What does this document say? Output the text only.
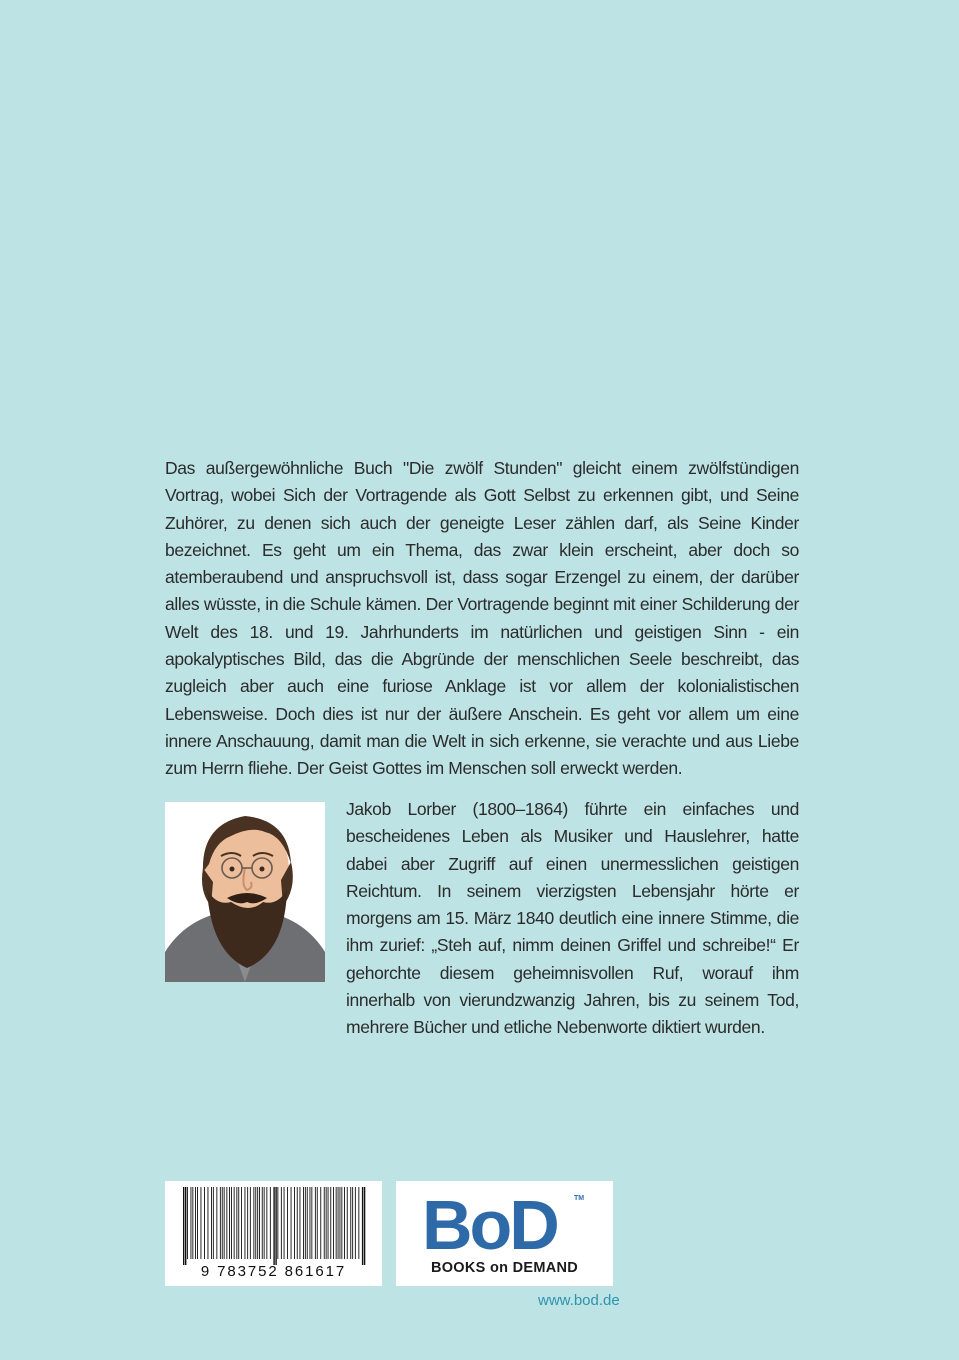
Das außergewöhnliche Buch "Die zwölf Stunden" gleicht einem zwölfstündigen Vortrag, wobei Sich der Vortragende als Gott Selbst zu erkennen gibt, und Seine Zuhörer, zu denen sich auch der geneigte Leser zählen darf, als Seine Kinder bezeichnet. Es geht um ein Thema, das zwar klein erscheint, aber doch so atemberaubend und anspruchsvoll ist, dass sogar Erzengel zu einem, der darüber alles wüsste, in die Schule kämen. Der Vortragende beginnt mit einer Schilderung der Welt des 18. und 19. Jahrhunderts im natürlichen und geistigen Sinn - ein apokalyptisches Bild, das die Abgründe der menschlichen Seele beschreibt, das zugleich aber auch eine furiose Anklage ist vor allem der kolonialistischen Lebensweise. Doch dies ist nur der äußere Anschein. Es geht vor allem um eine innere Anschauung, damit man die Welt in sich erkenne, sie verachte und aus Liebe zum Herrn fliehe. Der Geist Gottes im Menschen soll erweckt werden.
Jakob Lorber (1800–1864) führte ein einfaches und bescheidenes Leben als Musiker und Hauslehrer, hatte dabei aber Zugriff auf einen unermesslichen geistigen Reichtum. In seinem vierzigsten Lebensjahr hörte er morgens am 15. März 1840 deutlich eine innere Stimme, die ihm zurief: „Steh auf, nimm deinen Griffel und schreibe!“ Er gehorchte diesem geheimnisvollen Ruf, worauf ihm innerhalb von vierundzwanzig Jahren, bis zu seinem Tod, mehrere Bücher und etliche Nebenworte diktiert wurden.
9 783752 861617
BoD TM
BOOKS on DEMAND
www.bod.de
